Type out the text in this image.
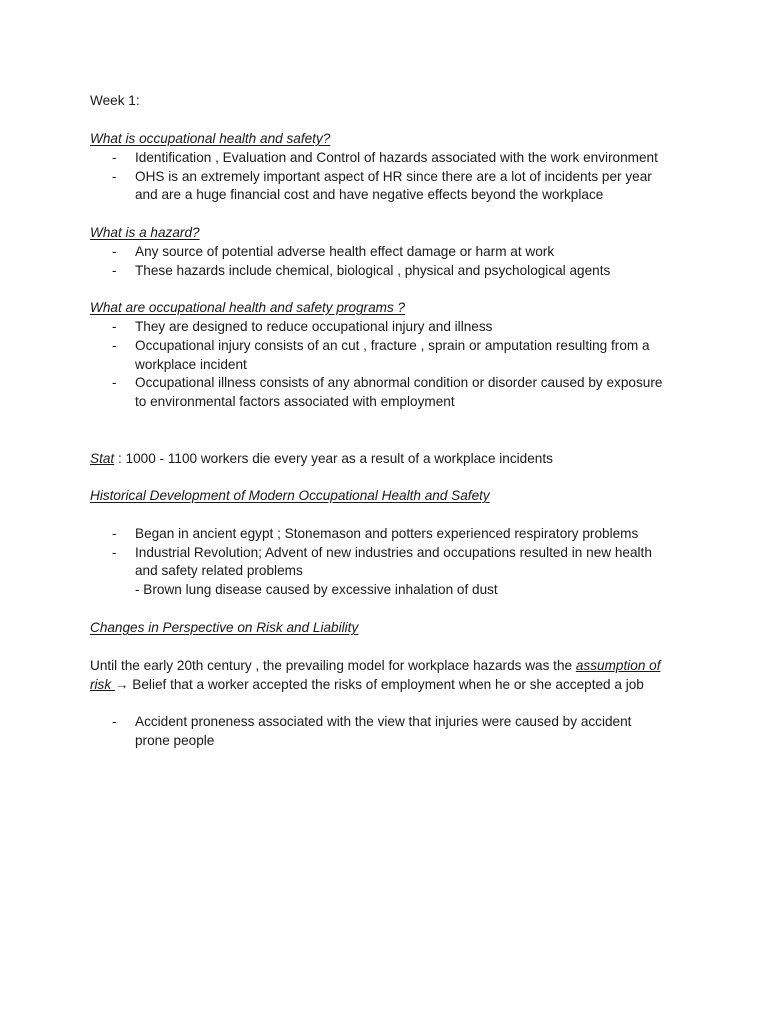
Week 1:
What is occupational health and safety?
- Identification , Evaluation and Control of hazards associated with the work environment
- OHS is an extremely important aspect of HR since there are a lot of incidents per year
and are a huge financial cost and have negative effects beyond the workplace
What is a hazard?
- Any source of potential adverse health effect damage or harm at work
- These hazards include chemical, biological , physical and psychological agents
What are occupational health and safety programs ?
- They are designed to reduce occupational injury and illness
- Occupational injury consists of an cut , fracture , sprain or amputation resulting from a
workplace incident
- Occupational illness consists of any abnormal condition or disorder caused by exposure
to environmental factors associated with employment
Stat : 1000 - 1100 workers die every year as a result of a workplace incidents
Historical Development of Modern Occupational Health and Safety
- Began in ancient egypt ; Stonemason and potters experienced respiratory problems
- Industrial Revolution; Advent of new industries and occupations resulted in new health
and safety related problems
- Brown lung disease caused by excessive inhalation of dust
Changes in Perspective on Risk and Liability
Until the early 20th century , the prevailing model for workplace hazards was the assumption of
risk → Belief that a worker accepted the risks of employment when he or she accepted a job
- Accident proneness associated with the view that injuries were caused by accident
prone people
